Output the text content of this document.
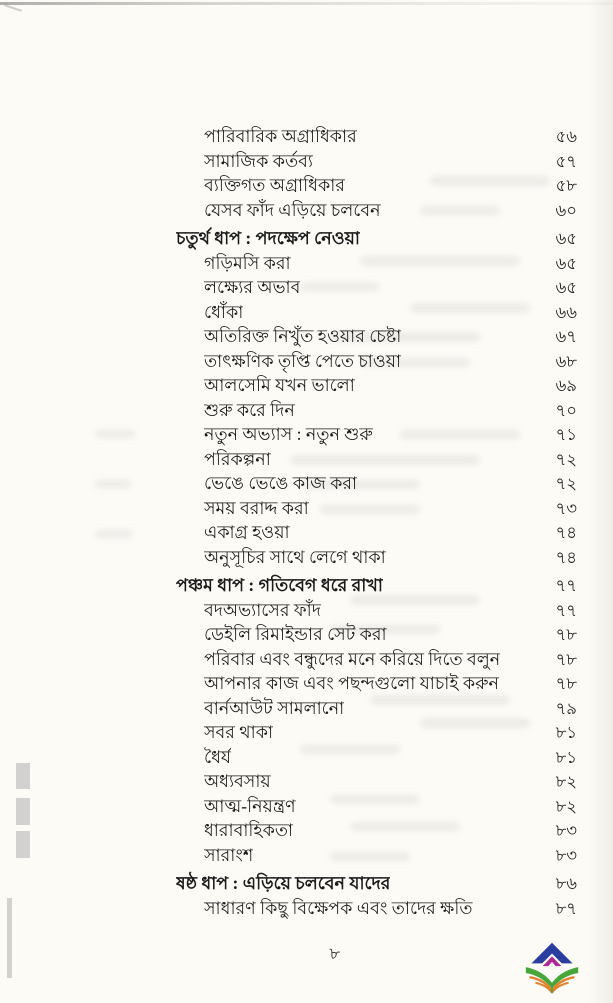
পারিবারিক অগ্রাধিকার	৫৬
সামাজিক কর্তব্য	৫৭
ব্যক্তিগত অগ্রাধিকার	৫৮
যেসব ফাঁদ এড়িয়ে চলবেন	৬০
চতুর্থ ধাপ : পদক্ষেপ নেওয়া	৬৫
গড়িমসি করা	৬৫
লক্ষ্যের অভাব	৬৫
ধোঁকা	৬৬
অতিরিক্ত নিখুঁত হওয়ার চেষ্টা	৬৭
তাৎক্ষণিক তৃপ্তি পেতে চাওয়া	৬৮
আলসেমি যখন ভালো	৬৯
শুরু করে দিন	৭০
নতুন অভ্যাস : নতুন শুরু	৭১
পরিকল্পনা	৭২
ভেঙে ভেঙে কাজ করা	৭২
সময় বরাদ্দ করা	৭৩
একাগ্র হওয়া	৭৪
অনুসূচির সাথে লেগে থাকা	৭৪
পঞ্চম ধাপ : গতিবেগ ধরে রাখা	৭৭
বদঅভ্যাসের ফাঁদ	৭৭
ডেইলি রিমাইন্ডার সেট করা	৭৮
পরিবার এবং বন্ধুদের মনে করিয়ে দিতে বলুন	৭৮
আপনার কাজ এবং পছন্দগুলো যাচাই করুন	৭৮
বার্নআউট সামলানো	৭৯
সবর থাকা	৮১
ধৈর্য	৮১
অধ্যবসায়	৮২
আত্ম-নিয়ন্ত্রণ	৮২
ধারাবাহিকতা	৮৩
সারাংশ	৮৩
ষষ্ঠ ধাপ : এড়িয়ে চলবেন যাদের	৮৬
সাধারণ কিছু বিক্ষেপক এবং তাদের ক্ষতি	৮৭
৮
